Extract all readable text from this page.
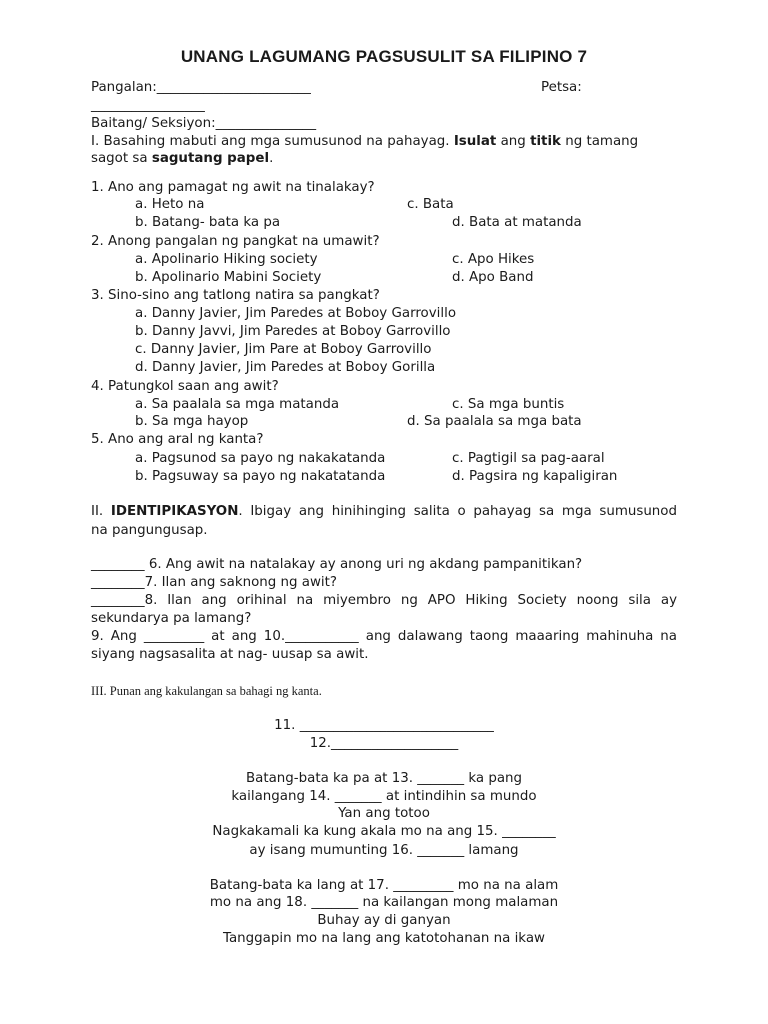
UNANG LAGUMANG PAGSUSULIT SA FILIPINO 7
Pangalan:_______________________	Petsa:
_________________
Baitang/ Seksiyon:_______________
I. Basahing mabuti ang mga sumusunod na pahayag. Isulat ang titik ng tamang
sagot sa sagutang papel.
1. Ano ang pamagat ng awit na tinalakay?
a. Heto na	c. Bata
b. Batang- bata ka pa	d. Bata at matanda
2. Anong pangalan ng pangkat na umawit?
a. Apolinario Hiking society	c. Apo Hikes
b. Apolinario Mabini Society	d. Apo Band
3. Sino-sino ang tatlong natira sa pangkat?
a. Danny Javier, Jim Paredes at Boboy Garrovillo
b. Danny Javvi, Jim Paredes at Boboy Garrovillo
c. Danny Javier, Jim Pare at Boboy Garrovillo
d. Danny Javier, Jim Paredes at Boboy Gorilla
4. Patungkol saan ang awit?
a. Sa paalala sa mga matanda	c. Sa mga buntis
b. Sa mga hayop	d. Sa paalala sa mga bata
5. Ano ang aral ng kanta?
a. Pagsunod sa payo ng nakakatanda	c. Pagtigil sa pag-aaral
b. Pagsuway sa payo ng nakatatanda	d. Pagsira ng kapaligiran
II. IDENTIPIKASYON. Ibigay ang hinihinging salita o pahayag sa mga sumusunod
na pangungusap.
________ 6. Ang awit na natalakay ay anong uri ng akdang pampanitikan?
________7. Ilan ang saknong ng awit?
________8. Ilan ang orihinal na miyembro ng APO Hiking Society noong sila ay
sekundarya pa lamang?
9. Ang _________ at ang 10.___________ ang dalawang taong maaaring mahinuha na
siyang nagsasalita at nag- uusap sa awit.
III. Punan ang kakulangan sa bahagi ng kanta.
11. _____________________________
12.___________________
Batang-bata ka pa at 13. _______ ka pang
kailangang 14. _______ at intindihin sa mundo
Yan ang totoo
Nagkakamali ka kung akala mo na ang 15. ________
ay isang mumunting 16. _______ lamang
Batang-bata ka lang at 17. _________ mo na na alam
mo na ang 18. _______ na kailangan mong malaman
Buhay ay di ganyan
Tanggapin mo na lang ang katotohanan na ikaw
